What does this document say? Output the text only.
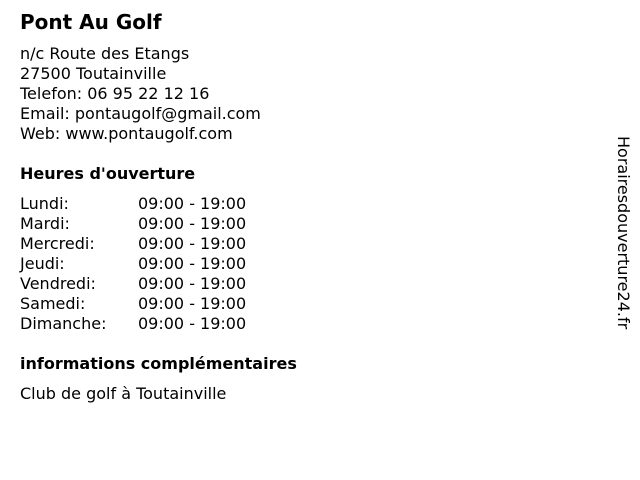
Pont Au Golf
n/c Route des Etangs
27500 Toutainville
Telefon: 06 95 22 12 16
Email: pontaugolf@gmail.com
Web: www.pontaugolf.com
Heures d'ouverture
Lundi:	09:00 - 19:00
Mardi:	09:00 - 19:00
Mercredi:	09:00 - 19:00
Jeudi:	09:00 - 19:00
Vendredi:	09:00 - 19:00
Samedi:	09:00 - 19:00
Dimanche:	09:00 - 19:00
informations complémentaires
Club de golf à Toutainville
Horairesdouverture24.fr
